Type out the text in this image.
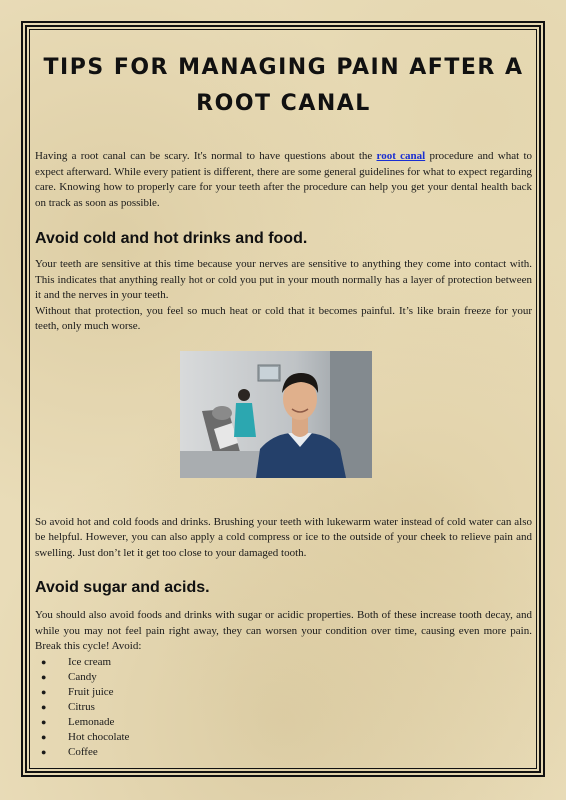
TIPS FOR MANAGING PAIN AFTER A ROOT CANAL

Having a root canal can be scary. It's normal to have questions about the root canal procedure and what to expect afterward. While every patient is different, there are some general guidelines for what to expect regarding care. Knowing how to properly care for your teeth after the procedure can help you get your dental health back on track as soon as possible.

Avoid cold and hot drinks and food.

Your teeth are sensitive at this time because your nerves are sensitive to anything they come into contact with. This indicates that anything really hot or cold you put in your mouth normally has a layer of protection between it and the nerves in your teeth.

Without that protection, you feel so much heat or cold that it becomes painful. It’s like brain freeze for your teeth, only much worse.

So avoid hot and cold foods and drinks. Brushing your teeth with lukewarm water instead of cold water can also be helpful. However, you can also apply a cold compress or ice to the outside of your cheek to relieve pain and swelling. Just don’t let it get too close to your damaged tooth.

Avoid sugar and acids.

You should also avoid foods and drinks with sugar or acidic properties. Both of these increase tooth decay, and while you may not feel pain right away, they can worsen your condition over time, causing even more pain. Break this cycle! Avoid:

●	Ice cream
●	Candy
●	Fruit juice
●	Citrus
●	Lemonade
●	Hot chocolate
●	Coffee
